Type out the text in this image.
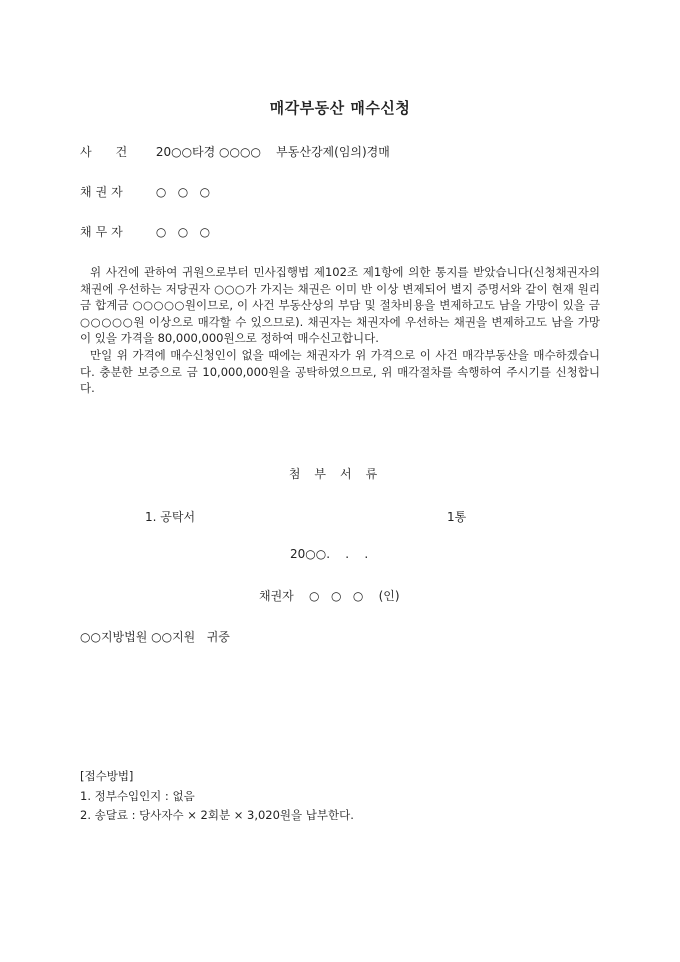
매각부동산 매수신청
사건 20○○타경 ○○○○    부동산강제(임의)경매
채권자 ○   ○   ○
채무자 ○   ○   ○

위 사건에 관하여 귀원으로부터 민사집행법 제102조 제1항에 의한 통지를 받았습니다(신청채권자의 채권에 우선하는 저당권자 ○○○가 가지는 채권은 이미 반 이상 변제되어 별지 증명서와 같이 현재 원리금 합계금 ○○○○○원이므로, 이 사건 부동산상의 부담 및 절차비용을 변제하고도 남을 가망이 있을 금 ○○○○○원 이상으로 매각할 수 있으므로). 채권자는 채권자에 우선하는 채권을 변제하고도 남을 가망이 있을 가격을 80,000,000원으로 정하여 매수신고합니다.

만일 위 가격에 매수신청인이 없을 때에는 채권자가 위 가격으로 이 사건 매각부동산을 매수하겠습니다. 충분한 보증으로 금 10,000,000원을 공탁하였으므로, 위 매각절차를 속행하여 주시기를 신청합니다.

첨부서류
1. 공탁서	1통
20○○.    .    .
채권자    ○   ○   ○    (인)
○○지방법원 ○○지원   귀중
[접수방법]
1. 정부수입인지 : 없음
2. 송달료 : 당사자수 × 2회분 × 3,020원을 납부한다.
